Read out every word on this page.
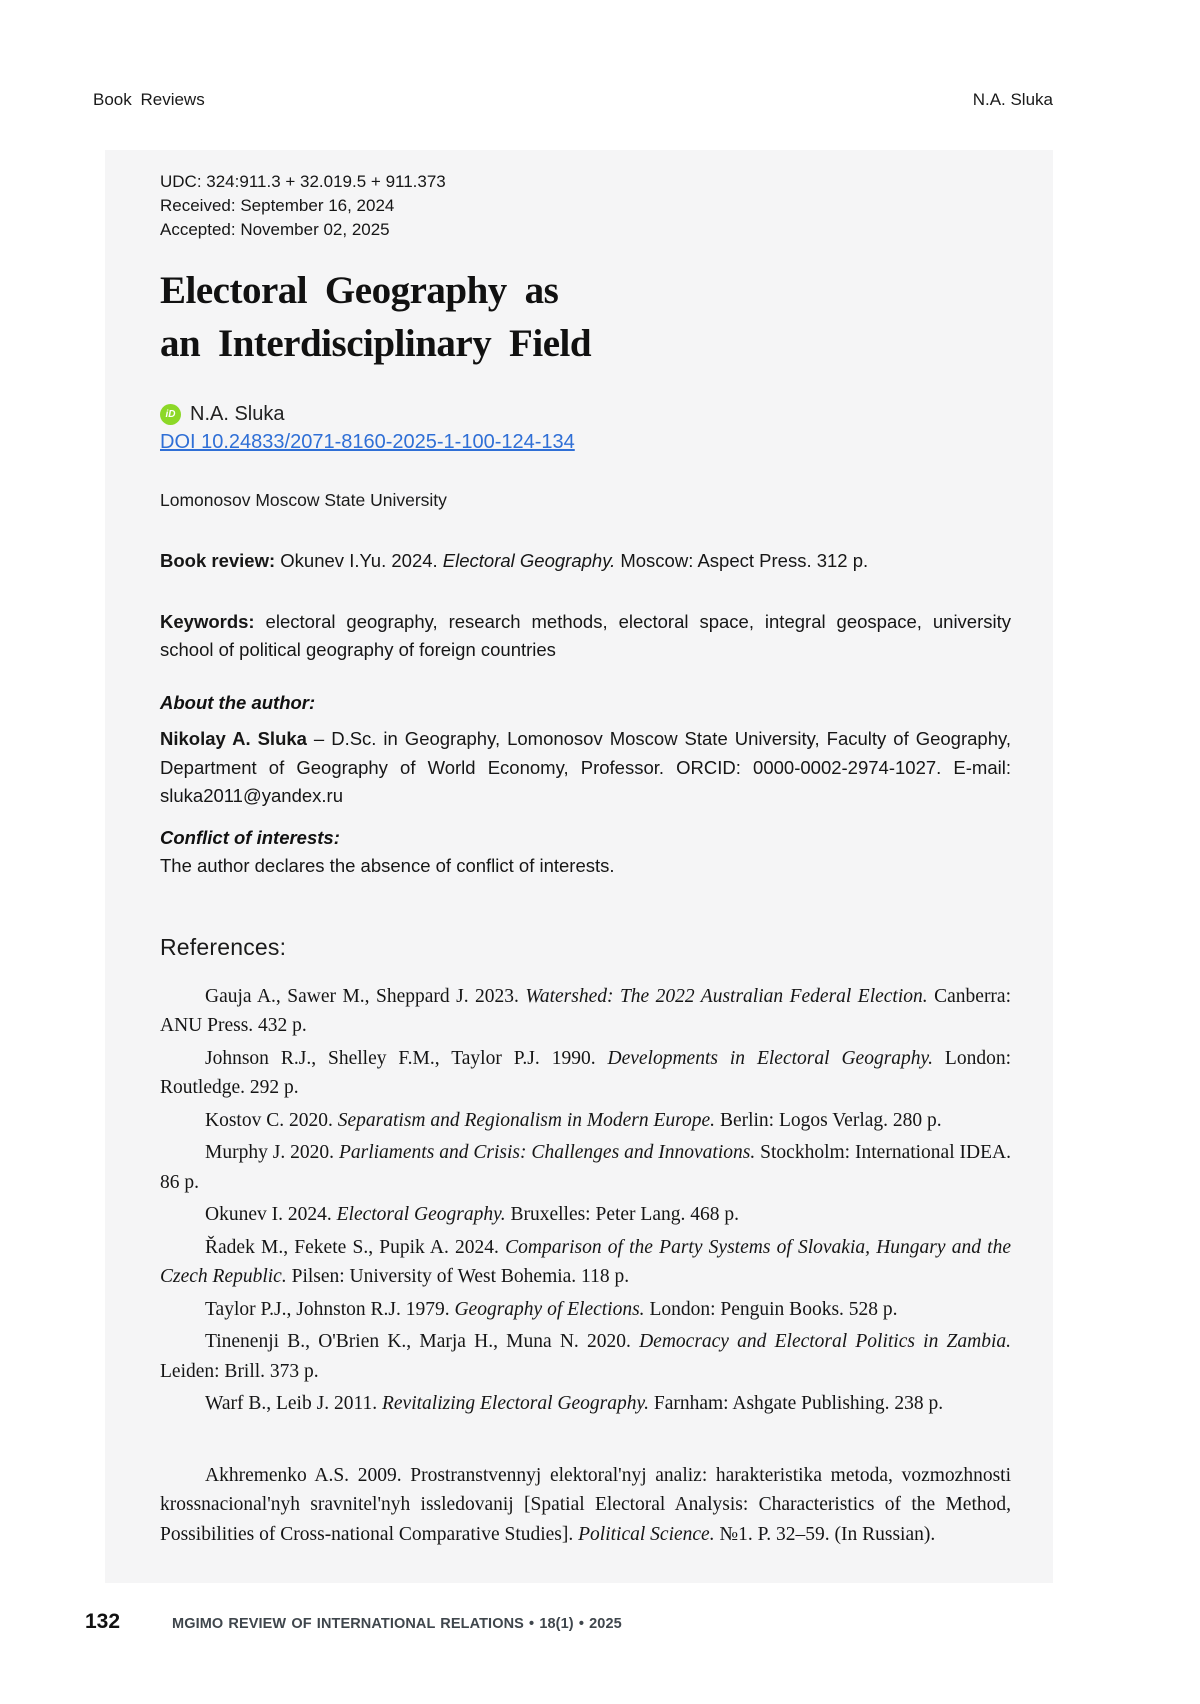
Book Reviews	N.A. Sluka
UDC: 324:911.3 + 32.019.5 + 911.373
Received: September 16, 2024
Accepted: November 02, 2025
Electoral Geography as
an Interdisciplinary Field
iD N.A. Sluka
DOI 10.24833/2071-8160-2025-1-100-124-134
Lomonosov Moscow State University

Book review: Okunev I.Yu. 2024. Electoral Geography. Moscow: Aspect Press. 312 p.

Keywords: electoral geography, research methods, electoral space, integral geospace, university school of political geography of foreign countries

About the author:

Nikolay A. Sluka – D.Sc. in Geography, Lomonosov Moscow State University, Faculty of Geography, Department of Geography of World Economy, Professor. ORCID: 0000-0002-2974-1027. E-mail: sluka2011@yandex.ru

Conflict of interests:

The author declares the absence of conflict of interests.

References:

Gauja A., Sawer M., Sheppard J. 2023. Watershed: The 2022 Australian Federal Election. Canberra: ANU Press. 432 p.

Johnson R.J., Shelley F.M., Taylor P.J. 1990. Developments in Electoral Geography. London: Routledge. 292 p.

Kostov C. 2020. Separatism and Regionalism in Modern Europe. Berlin: Logos Verlag. 280 p.

Murphy J. 2020. Parliaments and Crisis: Challenges and Innovations. Stockholm: International IDEA. 86 p.

Okunev I. 2024. Electoral Geography. Bruxelles: Peter Lang. 468 p.

Řadek M., Fekete S., Pupik A. 2024. Comparison of the Party Systems of Slovakia, Hungary and the Czech Republic. Pilsen: University of West Bohemia. 118 p.

Taylor P.J., Johnston R.J. 1979. Geography of Elections. London: Penguin Books. 528 p.

Tinenenji B., O'Brien K., Marja H., Muna N. 2020. Democracy and Electoral Politics in Zambia. Leiden: Brill. 373 p.

Warf B., Leib J. 2011. Revitalizing Electoral Geography. Farnham: Ashgate Publishing. 238 p.

Akhremenko A.S. 2009. Prostranstvennyj elektoral'nyj analiz: harakteristika metoda, vozmozhnosti krossnacional'nyh sravnitel'nyh issledovanij [Spatial Electoral Analysis: Characteristics of the Method, Possibilities of Cross-national Comparative Studies]. Political Science. №1. P. 32–59. (In Russian).

132	MGIMO REVIEW OF INTERNATIONAL RELATIONS • 18(1) • 2025
